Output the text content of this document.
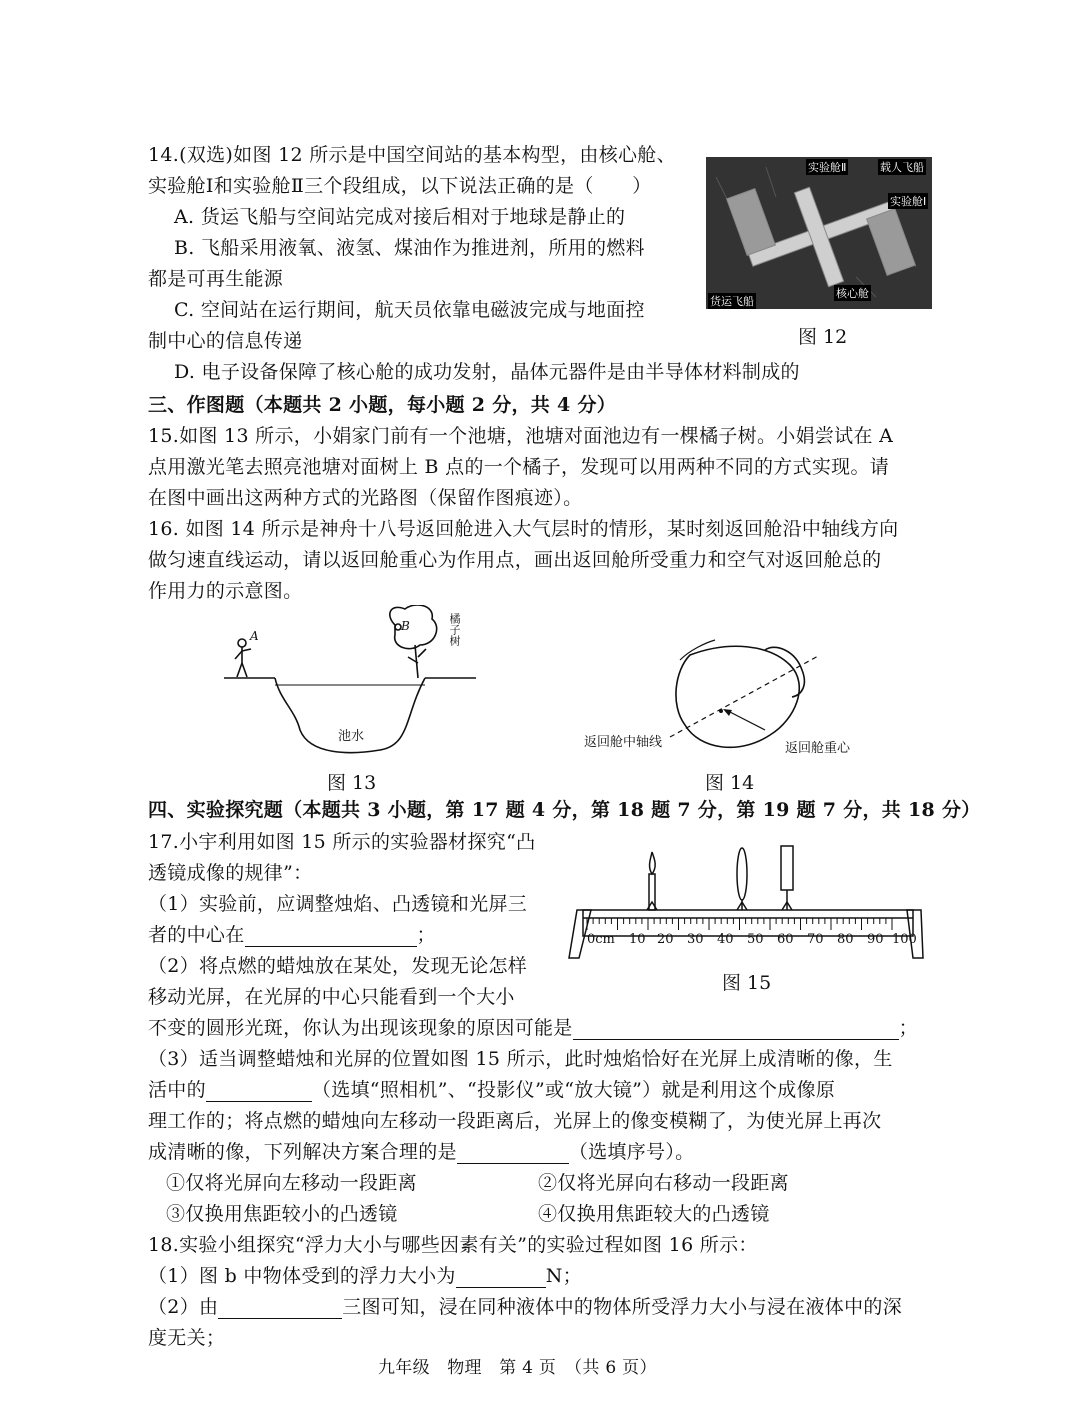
14.(双选)如图 12 所示是中国空间站的基本构型，由核心舱、
实验舱Ⅰ和实验舱Ⅱ三个段组成，以下说法正确的是（　　）
A. 货运飞船与空间站完成对接后相对于地球是静止的
B. 飞船采用液氧、液氢、煤油作为推进剂，所用的燃料
都是可再生能源
C. 空间站在运行期间，航天员依靠电磁波完成与地面控
制中心的信息传递
D. 电子设备保障了核心舱的成功发射，晶体元器件是由半导体材料制成的
实验舱Ⅱ	载人飞船
实验舱Ⅰ
货运飞船
核心舱
图 12
三、作图题（本题共 2 小题，每小题 2 分，共 4 分）
15.如图 13 所示，小娟家门前有一个池塘，池塘对面池边有一棵橘子树。小娟尝试在 A
点用激光笔去照亮池塘对面树上 B 点的一个橘子，发现可以用两种不同的方式实现。请
在图中画出这两种方式的光路图（保留作图痕迹）。
16. 如图 14 所示是神舟十八号返回舱进入大气层时的情形，某时刻返回舱沿中轴线方向
做匀速直线运动，请以返回舱重心为作用点，画出返回舱所受重力和空气对返回舱总的
作用力的示意图。
A
B	橘子树
池水
图 13
返回舱中轴线	返回舱重心
图 14
四、实验探究题（本题共 3 小题，第 17 题 4 分，第 18 题 7 分，第 19 题 7 分，共 18 分）
17.小宇利用如图 15 所示的实验器材探究“凸
透镜成像的规律”：
（1）实验前，应调整烛焰、凸透镜和光屏三
者的中心在	；
（2）将点燃的蜡烛放在某处，发现无论怎样
移动光屏，在光屏的中心只能看到一个大小
不变的圆形光斑，你认为出现该现象的原因可能是	；
（3）适当调整蜡烛和光屏的位置如图 15 所示，此时烛焰恰好在光屏上成清晰的像，生
活中的	（选填“照相机”、“投影仪”或“放大镜”）就是利用这个成像原
理工作的；将点燃的蜡烛向左移动一段距离后，光屏上的像变模糊了，为使光屏上再次
成清晰的像，下列解决方案合理的是	（选填序号）。
①仅将光屏向左移动一段距离	②仅将光屏向右移动一段距离
③仅换用焦距较小的凸透镜	④仅换用焦距较大的凸透镜
0cm 10 20 30 40 50 60 70 80 90 100
图 15
18.实验小组探究“浮力大小与哪些因素有关”的实验过程如图 16 所示：
（1）图 b 中物体受到的浮力大小为	N；
（2）由	三图可知，浸在同种液体中的物体所受浮力大小与浸在液体中的深
度无关；
九年级　物理　第 4 页　（共 6 页）
